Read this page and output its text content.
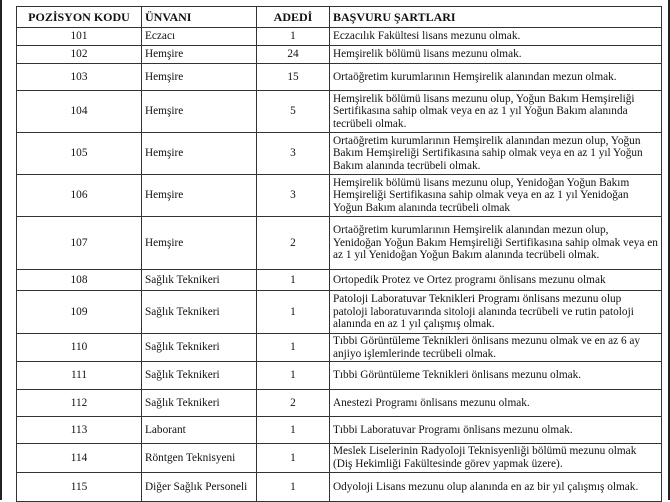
POZİSYON KODU	ÜNVANI	ADEDİ	BAŞVURU ŞARTLARI
101	Eczacı	1	Eczacılık Fakültesi lisans mezunu olmak.
102	Hemşire	24	Hemşirelik bölümü lisans mezunu olmak.
103	Hemşire	15	Ortaöğretim kurumlarının Hemşirelik alanından mezun olmak.
104	Hemşire	5	Hemşirelik bölümü lisans mezunu olup, Yoğun Bakım Hemşireliği Sertifikasına sahip olmak veya en az 1 yıl Yoğun Bakım alanında tecrübeli olmak.
105	Hemşire	3	Ortaöğretim kurumlarının Hemşirelik alanından mezun olup, Yoğun Bakım Hemşireliği Sertifikasına sahip olmak veya en az 1 yıl Yoğun Bakım alanında tecrübeli olmak.
106	Hemşire	3	Hemşirelik bölümü lisans mezunu olup, Yenidoğan Yoğun Bakım Hemşireliği Sertifikasına sahip olmak veya en az 1 yıl Yenidoğan Yoğun Bakım alanında tecrübeli olmak
107	Hemşire	2	Ortaöğretim kurumlarının Hemşirelik alanından mezun olup, Yenidoğan Yoğun Bakım Hemşireliği Sertifikasına sahip olmak veya en az 1 yıl Yenidoğan Yoğun Bakım alanında tecrübeli olmak.
108	Sağlık Teknikeri	1	Ortopedik Protez ve Ortez programı önlisans mezunu olmak
109	Sağlık Teknikeri	1	Patoloji Laboratuvar Teknikleri Programı önlisans mezunu olup patoloji laboratuvarında sitoloji alanında tecrübeli ve rutin patoloji alanında en az 1 yıl çalışmış olmak.
110	Sağlık Teknikeri	1	Tıbbi Görüntüleme Teknikleri önlisans mezunu olmak ve en az 6 ay anjiyo işlemlerinde tecrübeli olmak.
111	Sağlık Teknikeri	1	Tıbbi Görüntüleme Teknikleri önlisans mezunu olmak.
112	Sağlık Teknikeri	2	Anestezi Programı önlisans mezunu olmak.
113	Laborant	1	Tıbbi Laboratuvar Programı önlisans mezunu olmak.
114	Röntgen Teknisyeni	1	Meslek Liselerinin Radyoloji Teknisyenliği bölümü mezunu olmak (Diş Hekimliği Fakültesinde görev yapmak üzere).
115	Diğer Sağlık Personeli	1	Odyoloji Lisans mezunu olup alanında en az bir yıl çalışmış olmak.
